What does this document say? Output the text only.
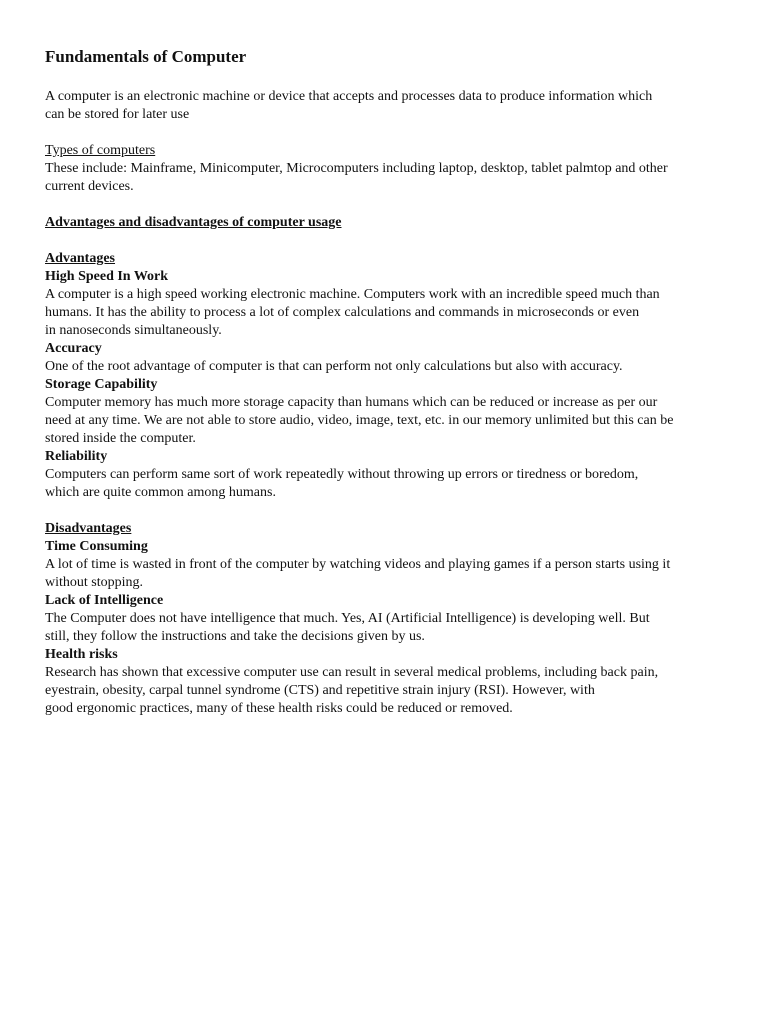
Fundamentals of Computer

A computer is an electronic machine or device that accepts and processes data to produce information which
can be stored for later use

Types of computers
These include: Mainframe, Minicomputer, Microcomputers including laptop, desktop, tablet palmtop and other
current devices.

Advantages and disadvantages of computer usage

Advantages
High Speed In Work
A computer is a high speed working electronic machine. Computers work with an incredible speed much than
humans. It has the ability to process a lot of complex calculations and commands in microseconds or even
in nanoseconds simultaneously.
Accuracy
One of the root advantage of computer is that can perform not only calculations but also with accuracy.
Storage Capability
Computer memory has much more storage capacity than humans which can be reduced or increase as per our
need at any time. We are not able to store audio, video, image, text, etc. in our memory unlimited but this can be
stored inside the computer.
Reliability
Computers can perform same sort of work repeatedly without throwing up errors or tiredness or boredom,
which are quite common among humans.
Disadvantages
Time Consuming
A lot of time is wasted in front of the computer by watching videos and playing games if a person starts using it
without stopping.
Lack of Intelligence
The Computer does not have intelligence that much. Yes, AI (Artificial Intelligence) is developing well. But
still, they follow the instructions and take the decisions given by us.
Health risks
Research has shown that excessive computer use can result in several medical problems, including back pain,
eyestrain, obesity, carpal tunnel syndrome (CTS) and repetitive strain injury (RSI). However, with
good ergonomic practices, many of these health risks could be reduced or removed.
